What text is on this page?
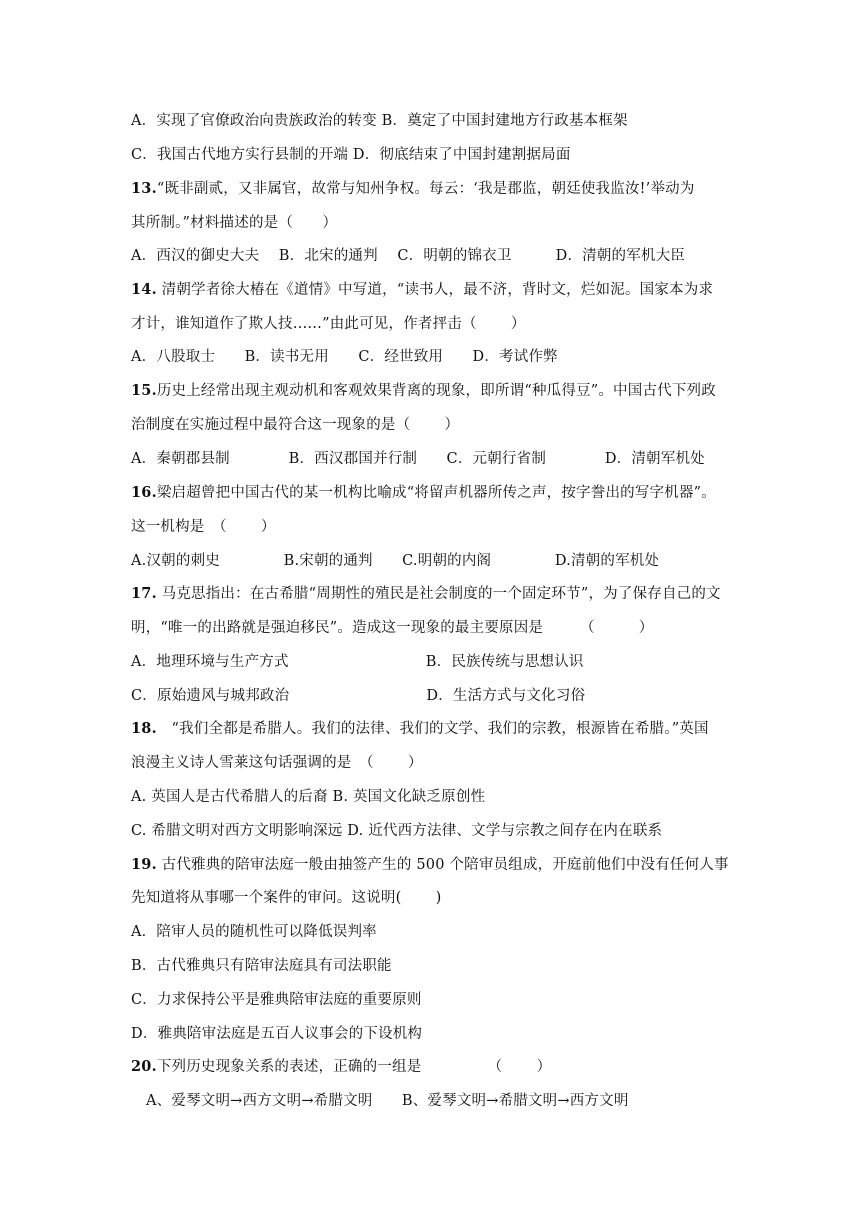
A．实现了官僚政治向贵族政治的转变 B．奠定了中国封建地方行政基本框架
C．我国古代地方实行县制的开端 D．彻底结束了中国封建割据局面
13.“既非副贰，又非属官，故常与知州争权。每云：‘我是郡监，朝廷使我监汝!’举动为
其所制。”材料描述的是（　　）
A．西汉的御史大夫　 B．北宋的通判　 C．明朝的锦衣卫　　　D．清朝的军机大臣
14. 清朝学者徐大椿在《道情》中写道，“读书人，最不济，背时文，烂如泥。国家本为求
才计，谁知道作了欺人技……”由此可见，作者抨击（　　 ）
A．八股取士　　B．读书无用　　C．经世致用　　D．考试作弊
15.历史上经常出现主观动机和客观效果背离的现象，即所谓“种瓜得豆”。中国古代下列政
治制度在实施过程中最符合这一现象的是（　　 ）
A．秦朝郡县制　　　　B．西汉郡国并行制　　C．元朝行省制　　　　D．清朝军机处
16.梁启超曾把中国古代的某一机构比喻成“将留声机器所传之声，按字誊出的写字机器”。
这一机构是　（　　 ）
A.汉朝的刺史　　　　 B.宋朝的通判　　C.明朝的内阁　　　　 D.清朝的军机处
17. 马克思指出：在古希腊“周期性的殖民是社会制度的一个固定环节”，为了保存自己的文
明，“唯一的出路就是强迫移民”。造成这一现象的最主要原因是　　　（　　　）
A．地理环境与生产方式　　　　　　　　　 B．民族传统与思想认识
C．原始遗风与城邦政治　　　　　　　　　 D．生活方式与文化习俗
18.　“我们全都是希腊人。我们的法律、我们的文学、我们的宗教，根源皆在希腊。”英国
浪漫主义诗人雪莱这句话强调的是　（　　 ）
A. 英国人是古代希腊人的后裔 B. 英国文化缺乏原创性
C. 希腊文明对西方文明影响深远 D. 近代西方法律、文学与宗教之间存在内在联系
19. 古代雅典的陪审法庭一般由抽签产生的 500 个陪审员组成，开庭前他们中没有任何人事
先知道将从事哪一个案件的审问。这说明(　　 )
A．陪审人员的随机性可以降低误判率
B．古代雅典只有陪审法庭具有司法职能
C．力求保持公平是雅典陪审法庭的重要原则
D．雅典陪审法庭是五百人议事会的下设机构
20.下列历史现象关系的表述，正确的一组是　　　　　（　　 ）
A、爱琴文明→西方文明→希腊文明　　B、爱琴文明→希腊文明→西方文明
